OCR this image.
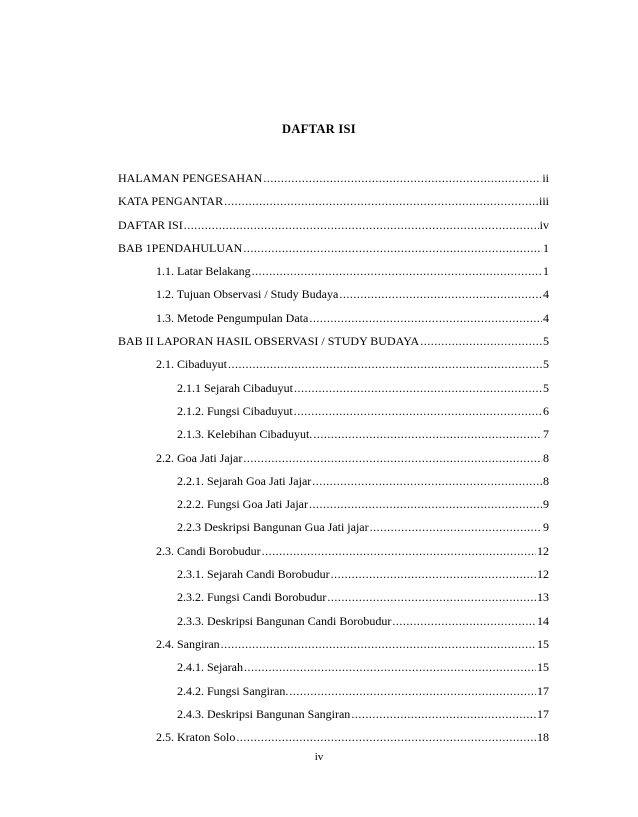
DAFTAR ISI
HALAMAN PENGESAHAN .....	ii
KATA PENGANTAR .....	iii
DAFTAR ISI .....	iv
BAB 1PENDAHULUAN .....	1
1.1. Latar Belakang .....	1
1.2. Tujuan Observasi / Study Budaya .....	4
1.3. Metode Pengumpulan Data .....	4
BAB II LAPORAN HASIL OBSERVASI / STUDY BUDAYA .....	5
2.1. Cibaduyut .....	5
2.1.1 Sejarah Cibaduyut .....	5
2.1.2. Fungsi Cibaduyut .....	6
2.1.3. Kelebihan Cibaduyut. .....	7
2.2. Goa Jati Jajar .....	8
2.2.1. Sejarah Goa Jati Jajar .....	8
2.2.2. Fungsi Goa Jati Jajar .....	9
2.2.3 Deskripsi Bangunan Gua Jati jajar .....	9
2.3. Candi Borobudur .....	12
2.3.1. Sejarah Candi Borobudur .....	12
2.3.2. Fungsi Candi Borobudur .....	13
2.3.3. Deskripsi Bangunan Candi Borobudur .....	14
2.4. Sangiran .....	15
2.4.1. Sejarah .....	15
2.4.2. Fungsi Sangiran. .....	17
2.4.3. Deskripsi Bangunan Sangiran .....	17
2.5. Kraton Solo .....	18
iv
